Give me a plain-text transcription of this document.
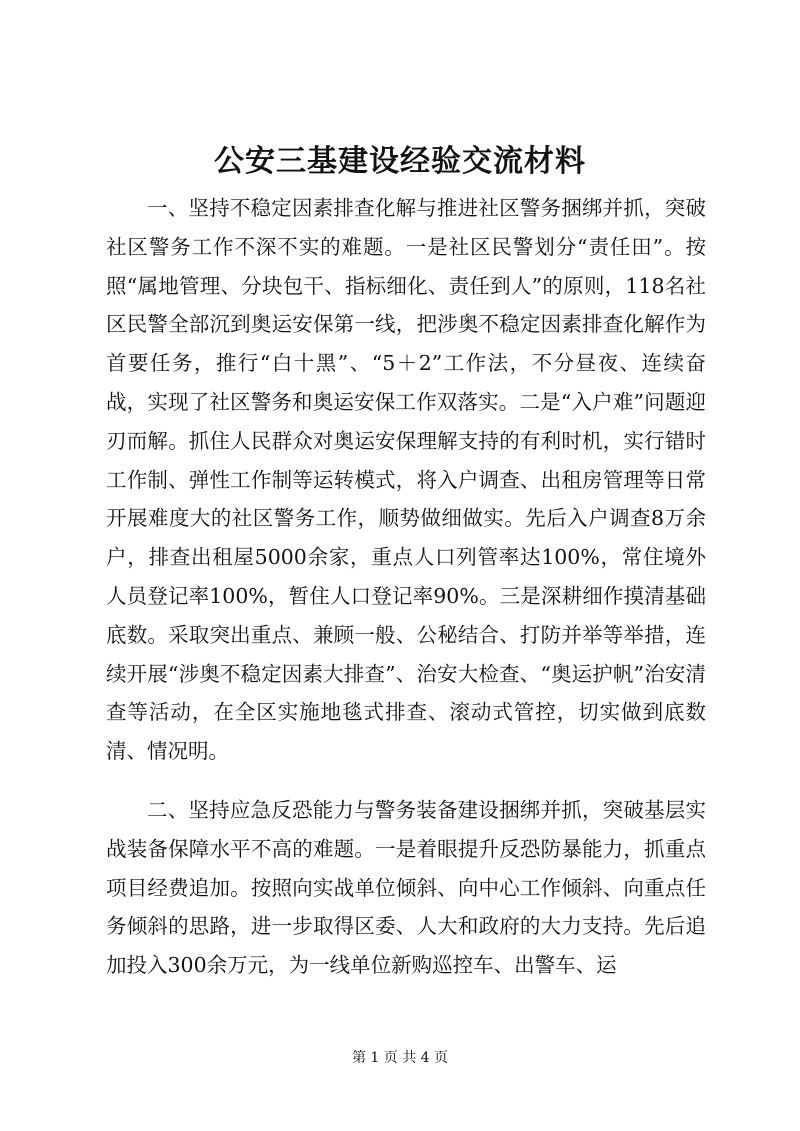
公安三基建设经验交流材料

一、坚持不稳定因素排查化解与推进社区警务捆绑并抓，突破社区警务工作不深不实的难题。一是社区民警划分“责任田”。按照“属地管理、分块包干、指标细化、责任到人”的原则，118名社区民警全部沉到奥运安保第一线，把涉奥不稳定因素排查化解作为首要任务，推行“白十黑”、“5＋2”工作法，不分昼夜、连续奋战，实现了社区警务和奥运安保工作双落实。二是“入户难”问题迎刃而解。抓住人民群众对奥运安保理解支持的有利时机，实行错时工作制、弹性工作制等运转模式，将入户调查、出租房管理等日常开展难度大的社区警务工作，顺势做细做实。先后入户调查8万余户，排查出租屋5000余家，重点人口列管率达100%，常住境外人员登记率100%，暂住人口登记率90%。三是深耕细作摸清基础底数。采取突出重点、兼顾一般、公秘结合、打防并举等举措，连续开展“涉奥不稳定因素大排查”、治安大检查、“奥运护帆”治安清查等活动，在全区实施地毯式排查、滚动式管控，切实做到底数清、情况明。

二、坚持应急反恐能力与警务装备建设捆绑并抓，突破基层实战装备保障水平不高的难题。一是着眼提升反恐防暴能力，抓重点项目经费追加。按照向实战单位倾斜、向中心工作倾斜、向重点任务倾斜的思路，进一步取得区委、人大和政府的大力支持。先后追加投入300余万元，为一线单位新购巡控车、出警车、运

第 1 页 共 4 页
